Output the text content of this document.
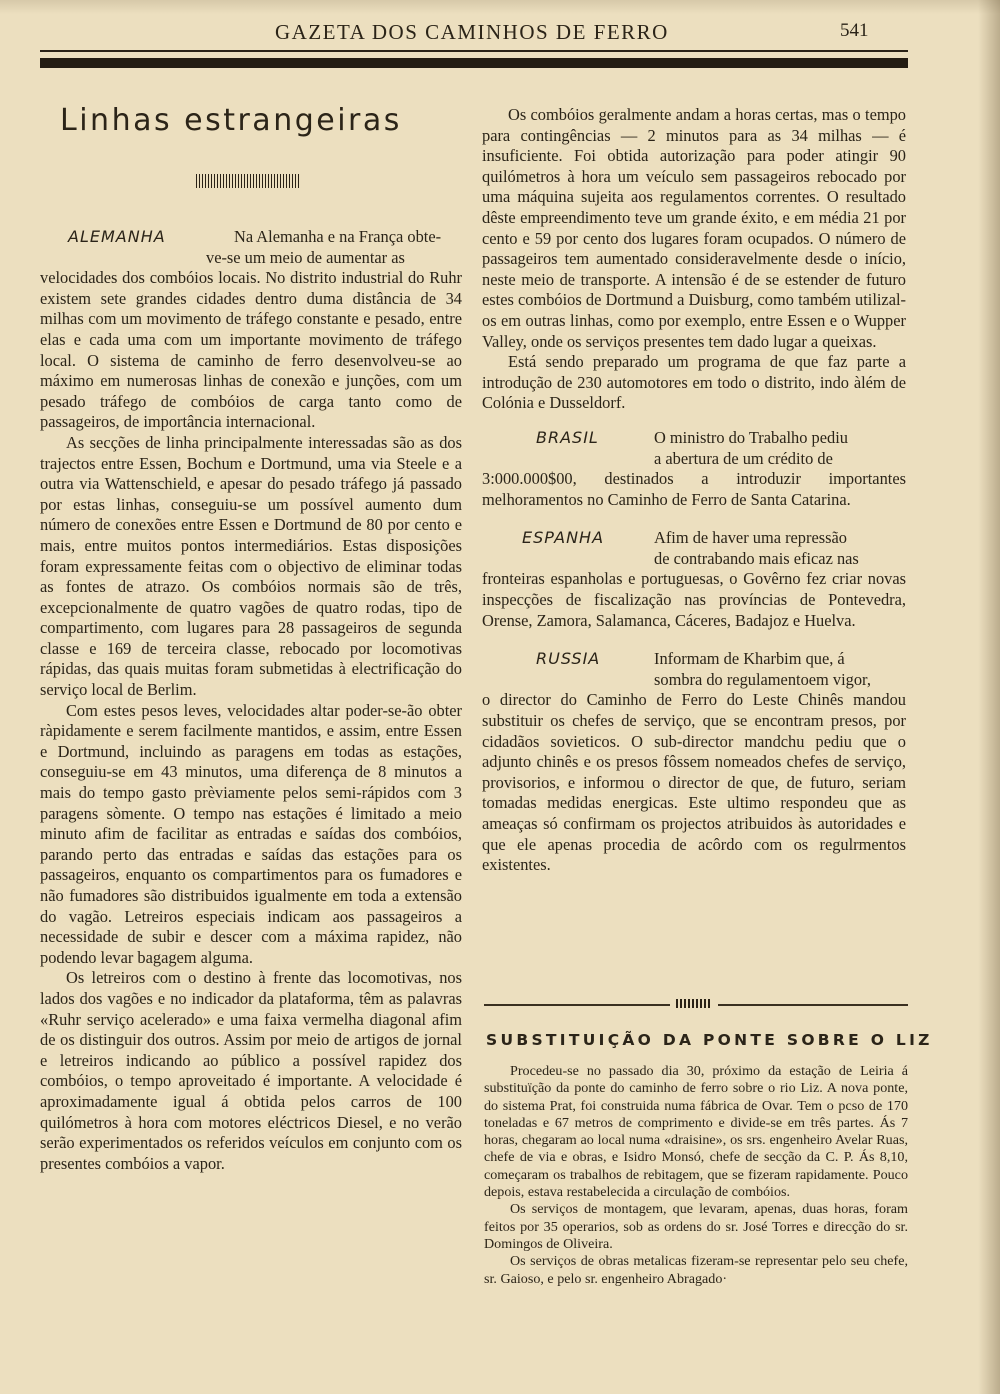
GAZETA DOS CAMINHOS DE FERRO	541
Linhas estrangeiras
ALEMANHA	Na Alemanha e na França obte-
ve-se um meio de aumentar as

velocidades dos combóios locais. No distrito industrial do Ruhr existem sete grandes cidades dentro duma distância de 34 milhas com um movimento de tráfego constante e pesado, entre elas e cada uma com um importante movimento de tráfego local. O sistema de caminho de ferro desenvolveu-se ao máximo em numerosas linhas de conexão e junções, com um pesado tráfego de combóios de carga tanto como de passageiros, de importância internacional.

As secções de linha principalmente interessadas são as dos trajectos entre Essen, Bochum e Dortmund, uma via Steele e a outra via Wattenschield, e apesar do pesado tráfego já passado por estas linhas, conseguiu-se um possível aumento dum número de conexões entre Essen e Dortmund de 80 por cento e mais, entre muitos pontos intermediários. Estas disposições foram expressamente feitas com o objectivo de eliminar todas as fontes de atrazo. Os combóios normais são de três, excepcionalmente de quatro vagões de quatro rodas, tipo de compartimento, com lugares para 28 passageiros de segunda classe e 169 de terceira classe, rebocado por locomotivas rápidas, das quais muitas foram submetidas à electrificação do serviço local de Berlim.

Com estes pesos leves, velocidades altar poder-se-ão obter ràpidamente e serem facilmente mantidos, e assim, entre Essen e Dortmund, incluindo as paragens em todas as estações, conseguiu-se em 43 minutos, uma diferença de 8 minutos a mais do tempo gasto prèviamente pelos semi-rápidos com 3 paragens sòmente. O tempo nas estações é limitado a meio minuto afim de facilitar as entradas e saídas dos combóios, parando perto das entradas e saídas das estações para os passageiros, enquanto os compartimentos para os fumadores e não fumadores são distribuidos igualmente em toda a extensão do vagão. Letreiros especiais indicam aos passageiros a necessidade de subir e descer com a máxima rapidez, não podendo levar bagagem alguma.

Os letreiros com o destino à frente das locomotivas, nos lados dos vagões e no indicador da plataforma, têm as palavras «Ruhr serviço acelerado» e uma faixa vermelha diagonal afim de os distinguir dos outros. Assim por meio de artigos de jornal e letreiros indicando ao público a possível rapidez dos combóios, o tempo aproveitado é importante. A velocidade é aproximadamente igual á obtida pelos carros de 100 quilómetros à hora com motores eléctricos Diesel, e no verão serão experimentados os referidos veículos em conjunto com os presentes combóios a vapor.

Os combóios geralmente andam a horas certas, mas o tempo para contingências — 2 minutos para as 34 milhas — é insuficiente. Foi obtida autorização para poder atingir 90 quilómetros à hora um veículo sem passageiros rebocado por uma máquina sujeita aos regulamentos correntes. O resultado dêste empreendimento teve um grande éxito, e em média 21 por cento e 59 por cento dos lugares foram ocupados. O número de passageiros tem aumentado consideravelmente desde o início, neste meio de transporte. A intensão é de se estender de futuro estes combóios de Dortmund a Duisburg, como também utilizal-os em outras linhas, como por exemplo, entre Essen e o Wupper Valley, onde os serviços presentes tem dado lugar a queixas.

Está sendo preparado um programa de que faz parte a introdução de 230 automotores em todo o distrito, indo àlém de Colónia e Dusseldorf.

BRASIL	O ministro do Trabalho pediu
a abertura de um crédito de

3:000.000$00, destinados a introduzir importantes melhoramentos no Caminho de Ferro de Santa Catarina.

ESPANHA	Afim de haver uma repressão
de contrabando mais eficaz nas

fronteiras espanholas e portuguesas, o Govêrno fez criar novas inspecções de fiscalização nas províncias de Pontevedra, Orense, Zamora, Salamanca, Cáceres, Badajoz e Huelva.

RUSSIA	Informam de Kharbim que, á
sombra do regulamentoem vigor,

o director do Caminho de Ferro do Leste Chinês mandou substituir os chefes de serviço, que se encontram presos, por cidadãos sovieticos. O sub-director mandchu pediu que o adjunto chinês e os presos fôssem nomeados chefes de serviço, provisorios, e informou o director de que, de futuro, seriam tomadas medidas energicas. Este ultimo respondeu que as ameaças só confirmam os projectos atribuidos às autoridades e que ele apenas procedia de acôrdo com os regulrmentos existentes.

SUBSTITUIÇÃO DA PONTE SOBRE O LIZ

Procedeu-se no passado dia 30, próximo da estação de Leiria á substituïção da ponte do caminho de ferro sobre o rio Liz. A nova ponte, do sistema Prat, foi construida numa fábrica de Ovar. Tem o pcso de 170 toneladas e 67 metros de comprimento e divide-se em três partes. Ás 7 horas, chegaram ao local numa «draisine», os srs. engenheiro Avelar Ruas, chefe de via e obras, e Isidro Monsó, chefe de secção da C. P. Ás 8,10, começaram os trabalhos de rebitagem, que se fizeram rapidamente. Pouco depois, estava restabelecida a circulação de combóios.

Os serviços de montagem, que levaram, apenas, duas horas, foram feitos por 35 operarios, sob as ordens do sr. José Torres e direcção do sr. Domingos de Oliveira.

Os serviços de obras metalicas fizeram-se representar pelo seu chefe, sr. Gaioso, e pelo sr. engenheiro Abragado·
